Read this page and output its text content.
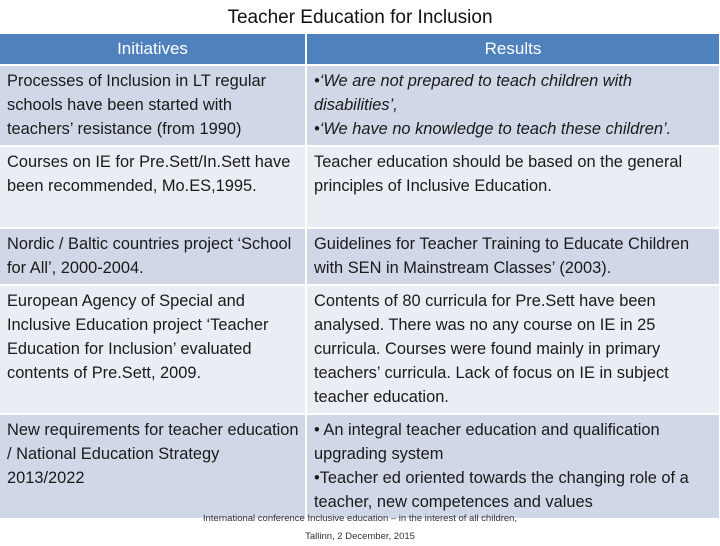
Teacher Education for Inclusion
Initiatives	Results
Processes of Inclusion in LT regular schools have been started with teachers’ resistance (from 1990)	•‘We are not prepared to teach children with disabilities’,

•‘We have no knowledge to teach these children’.

Courses on IE for Pre.Sett/In.Sett have been recommended, Mo.ES,1995.	Teacher education should be based on the general principles of Inclusive Education.

Nordic / Baltic countries project ‘School for All’, 2000-2004.	Guidelines for Teacher Training to Educate Children with SEN in Mainstream Classes’ (2003).

European Agency of Special and Inclusive Education project ‘Teacher Education for Inclusion’ evaluated contents of Pre.Sett, 2009.	Contents of 80 curricula for Pre.Sett have been analysed. There was no any course on IE in 25 curricula. Courses were found mainly in primary teachers’ curricula. Lack of focus on IE in subject teacher education.

New requirements for teacher education / National Education Strategy 2013/2022	• An integral teacher education and qualification upgrading system

•Teacher ed oriented towards the changing role of a teacher, new competences and values

International conference Inclusive education – in the interest of all children,
Tallinn, 2 December, 2015
